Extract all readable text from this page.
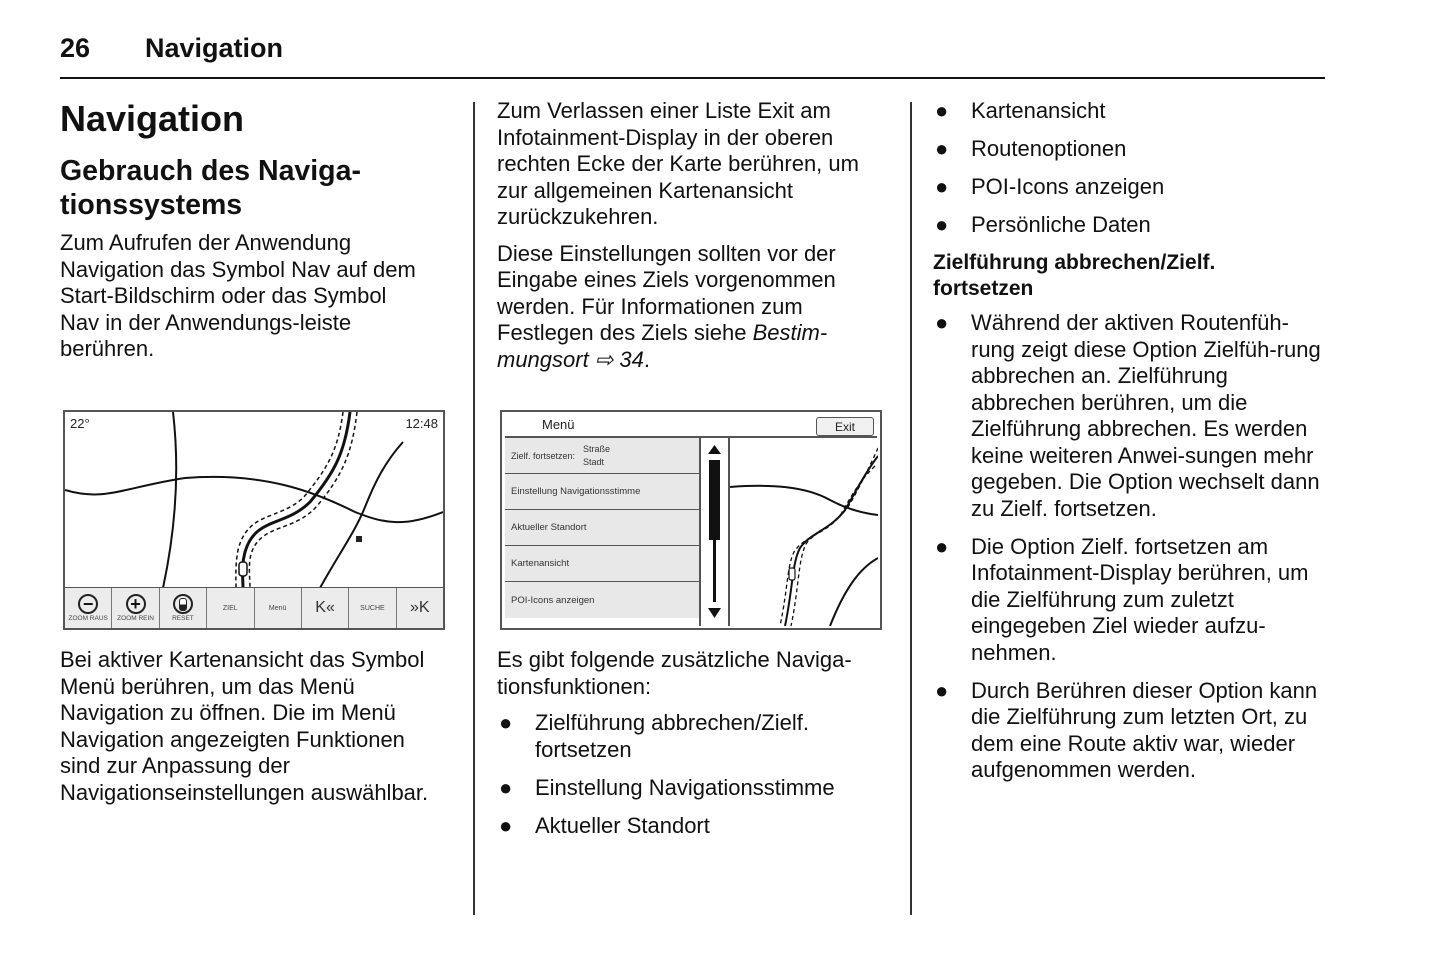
26 Navigation
Navigation
Gebrauch des Naviga-
tionssystems

Zum Aufrufen der Anwendung Navigation das Symbol Nav auf dem Start-Bildschirm oder das Symbol Nav in der Anwendungs-leiste berühren.

22°	12:48
−
ZOOM RAUS
+
ZOOM REIN	RESET
ZIEL	Menü K«	SUCHE »K

Bei aktiver Kartenansicht das Symbol Menü berühren, um das Menü Navigation zu öffnen. Die im Menü Navigation angezeigten Funktionen sind zur Anpassung der Navigationseinstellungen auswählbar.

Zum Verlassen einer Liste Exit am Infotainment-Display in der oberen rechten Ecke der Karte berühren, um zur allgemeinen Kartenansicht zurückzukehren.

Diese Einstellungen sollten vor der Eingabe eines Ziels vorgenommen werden. Für Informationen zum Festlegen des Ziels siehe Bestim-mungsort ⇨ 34.

Menü	Exit
Zielf. fortsetzen:
Straße
Stadt
Einstellung Navigationsstimme
Aktueller Standort
Kartenansicht
POI-Icons anzeigen

Es gibt folgende zusätzliche Naviga-tionsfunktionen:

● Zielführung abbrechen/Zielf. fortsetzen
● Einstellung Navigationsstimme
● Aktueller Standort
● Kartenansicht
● Routenoptionen
● POI-Icons anzeigen
● Persönliche Daten
Zielführung abbrechen/Zielf. fortsetzen
● Während der aktiven Routenfüh-rung zeigt diese Option Zielfüh-rung abbrechen an. Zielführung abbrechen berühren, um die Zielführung abbrechen. Es werden keine weiteren Anwei-sungen mehr gegeben. Die Option wechselt dann zu Zielf. fortsetzen.
● Die Option Zielf. fortsetzen am Infotainment-Display berühren, um die Zielführung zum zuletzt eingegeben Ziel wieder aufzu-nehmen.
● Durch Berühren dieser Option kann die Zielführung zum letzten Ort, zu dem eine Route aktiv war, wieder aufgenommen werden.
